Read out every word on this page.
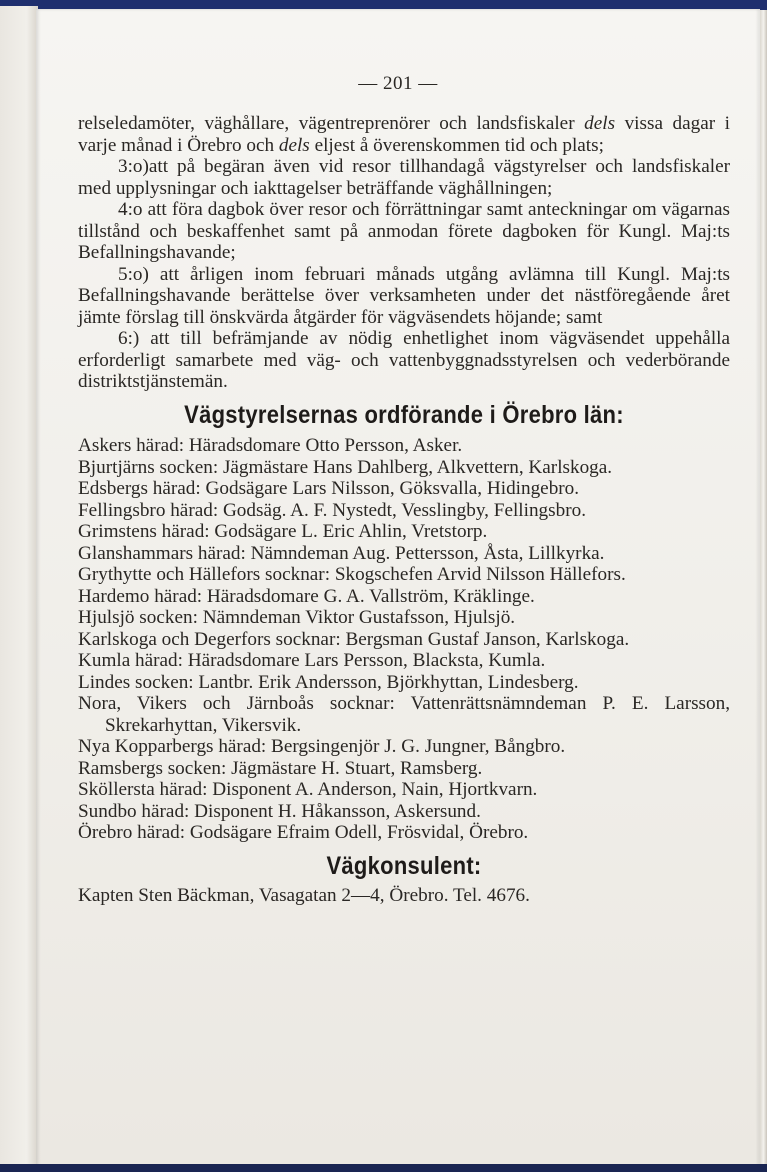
— 201 —

relseledamöter, väghållare, vägentreprenörer och landsfiskaler dels vissa dagar i varje månad i Örebro och dels eljest å överenskommen tid och plats;

3:o)att på begäran även vid resor tillhandagå vägstyrelser och landsfiskaler med upplysningar och iakttagelser beträffande väghållningen;

4:o att föra dagbok över resor och förrättningar samt anteckningar om vägarnas tillstånd och beskaffenhet samt på anmodan förete dagboken för Kungl. Maj:ts Befallningshavande;

5:o) att årligen inom februari månads utgång avlämna till Kungl. Maj:ts Befallningshavande berättelse över verksamheten under det nästföregående året jämte förslag till önskvärda åtgärder för vägväsendets höjande; samt

6:) att till befrämjande av nödig enhetlighet inom vägväsendet uppehålla erforderligt samarbete med väg- och vattenbyggnadsstyrelsen och vederbörande distriktstjänstemän.

Vägstyrelsernas ordförande i Örebro län:

Askers härad: Häradsdomare Otto Persson, Asker.

Bjurtjärns socken: Jägmästare Hans Dahlberg, Alkvettern, Karlskoga.

Edsbergs härad: Godsägare Lars Nilsson, Göksvalla, Hidingebro.

Fellingsbro härad: Godsäg. A. F. Nystedt, Vesslingby, Fellingsbro.

Grimstens härad: Godsägare L. Eric Ahlin, Vretstorp.

Glanshammars härad: Nämndeman Aug. Pettersson, Åsta, Lillkyrka.

Grythytte och Hällefors socknar: Skogschefen Arvid Nilsson Hällefors.

Hardemo härad: Häradsdomare G. A. Vallström, Kräklinge.

Hjulsjö socken: Nämndeman Viktor Gustafsson, Hjulsjö.

Karlskoga och Degerfors socknar: Bergsman Gustaf Janson, Karlskoga.

Kumla härad: Häradsdomare Lars Persson, Blacksta, Kumla.

Lindes socken: Lantbr. Erik Andersson, Björkhyttan, Lindesberg.

Nora, Vikers och Järnboås socknar: Vattenrättsnämndeman P. E. Larsson, Skrekarhyttan, Vikersvik.

Nya Kopparbergs härad: Bergsingenjör J. G. Jungner, Bångbro.

Ramsbergs socken: Jägmästare H. Stuart, Ramsberg.

Sköllersta härad: Disponent A. Anderson, Nain, Hjortkvarn.

Sundbo härad: Disponent H. Håkansson, Askersund.

Örebro härad: Godsägare Efraim Odell, Frösvidal, Örebro.

Vägkonsulent:

Kapten Sten Bäckman, Vasagatan 2—4, Örebro. Tel. 4676.
